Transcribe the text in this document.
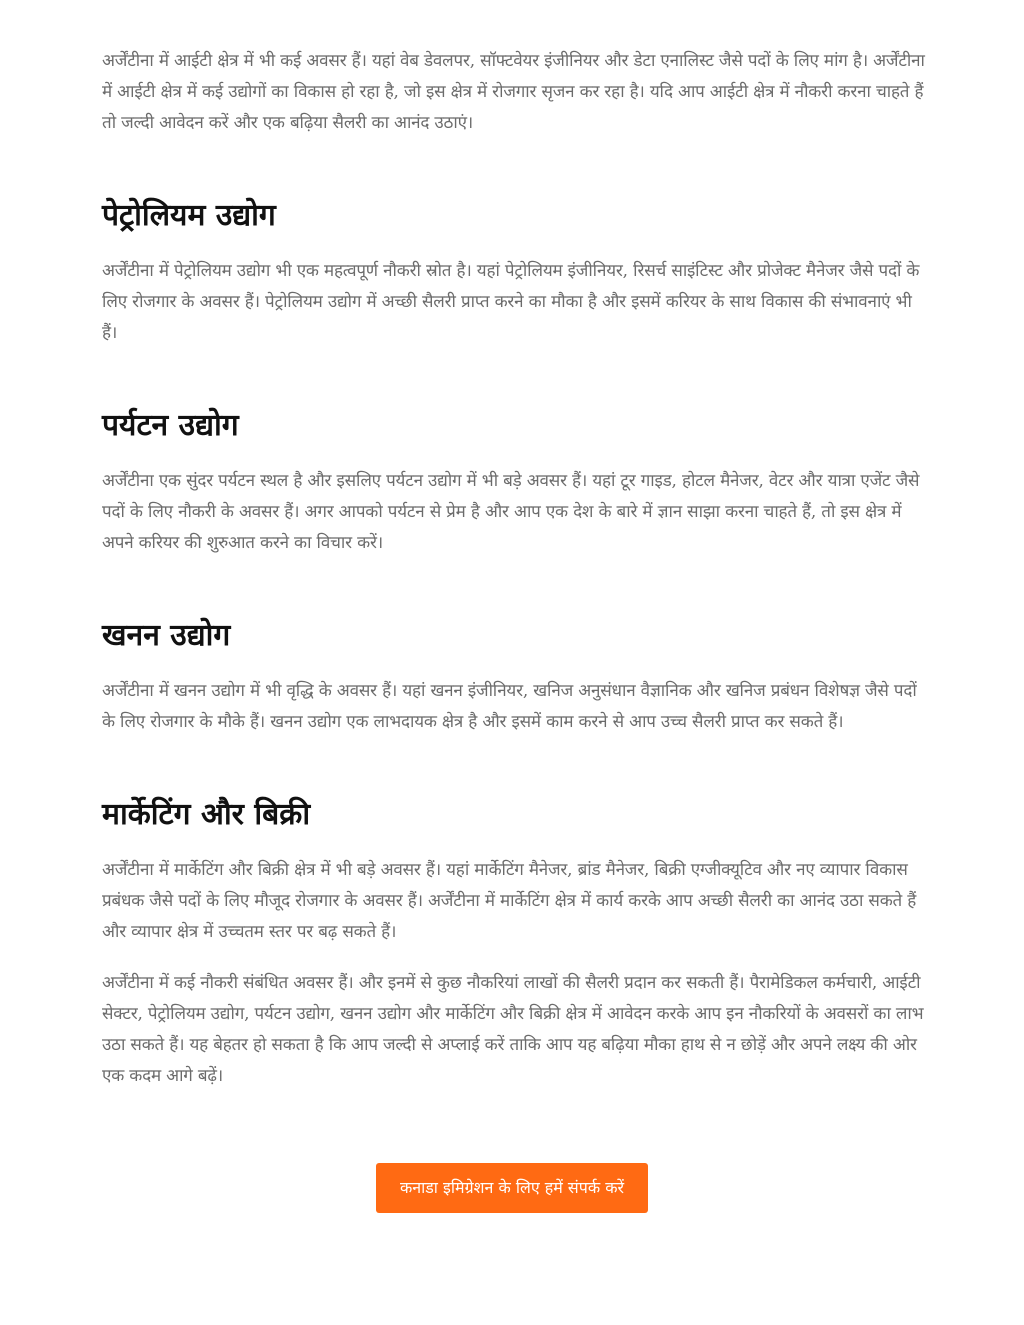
अर्जेंटीना में आईटी क्षेत्र में भी कई अवसर हैं। यहां वेब डेवलपर, सॉफ्टवेयर इंजीनियर और डेटा एनालिस्ट जैसे पदों के लिए मांग है। अर्जेंटीना में आईटी क्षेत्र में कई उद्योगों का विकास हो रहा है, जो इस क्षेत्र में रोजगार सृजन कर रहा है। यदि आप आईटी क्षेत्र में नौकरी करना चाहते हैं तो जल्दी आवेदन करें और एक बढ़िया सैलरी का आनंद उठाएं।

पेट्रोलियम उद्योग

अर्जेंटीना में पेट्रोलियम उद्योग भी एक महत्वपूर्ण नौकरी स्रोत है। यहां पेट्रोलियम इंजीनियर, रिसर्च साइंटिस्ट और प्रोजेक्ट मैनेजर जैसे पदों के लिए रोजगार के अवसर हैं। पेट्रोलियम उद्योग में अच्छी सैलरी प्राप्त करने का मौका है और इसमें करियर के साथ विकास की संभावनाएं भी हैं।

पर्यटन उद्योग

अर्जेंटीना एक सुंदर पर्यटन स्थल है और इसलिए पर्यटन उद्योग में भी बड़े अवसर हैं। यहां टूर गाइड, होटल मैनेजर, वेटर और यात्रा एजेंट जैसे पदों के लिए नौकरी के अवसर हैं। अगर आपको पर्यटन से प्रेम है और आप एक देश के बारे में ज्ञान साझा करना चाहते हैं, तो इस क्षेत्र में अपने करियर की शुरुआत करने का विचार करें।

खनन उद्योग

अर्जेंटीना में खनन उद्योग में भी वृद्धि के अवसर हैं। यहां खनन इंजीनियर, खनिज अनुसंधान वैज्ञानिक और खनिज प्रबंधन विशेषज्ञ जैसे पदों के लिए रोजगार के मौके हैं। खनन उद्योग एक लाभदायक क्षेत्र है और इसमें काम करने से आप उच्च सैलरी प्राप्त कर सकते हैं।

मार्केटिंग और बिक्री

अर्जेंटीना में मार्केटिंग और बिक्री क्षेत्र में भी बड़े अवसर हैं। यहां मार्केटिंग मैनेजर, ब्रांड मैनेजर, बिक्री एग्जीक्यूटिव और नए व्यापार विकास प्रबंधक जैसे पदों के लिए मौजूद रोजगार के अवसर हैं। अर्जेंटीना में मार्केटिंग क्षेत्र में कार्य करके आप अच्छी सैलरी का आनंद उठा सकते हैं और व्यापार क्षेत्र में उच्चतम स्तर पर बढ़ सकते हैं।

अर्जेंटीना में कई नौकरी संबंधित अवसर हैं। और इनमें से कुछ नौकरियां लाखों की सैलरी प्रदान कर सकती हैं। पैरामेडिकल कर्मचारी, आईटी सेक्टर, पेट्रोलियम उद्योग, पर्यटन उद्योग, खनन उद्योग और मार्केटिंग और बिक्री क्षेत्र में आवेदन करके आप इन नौकरियों के अवसरों का लाभ उठा सकते हैं। यह बेहतर हो सकता है कि आप जल्दी से अप्लाई करें ताकि आप यह बढ़िया मौका हाथ से न छोड़ें और अपने लक्ष्य की ओर एक कदम आगे बढ़ें।

कनाडा इमिग्रेशन के लिए हमें संपर्क करें
